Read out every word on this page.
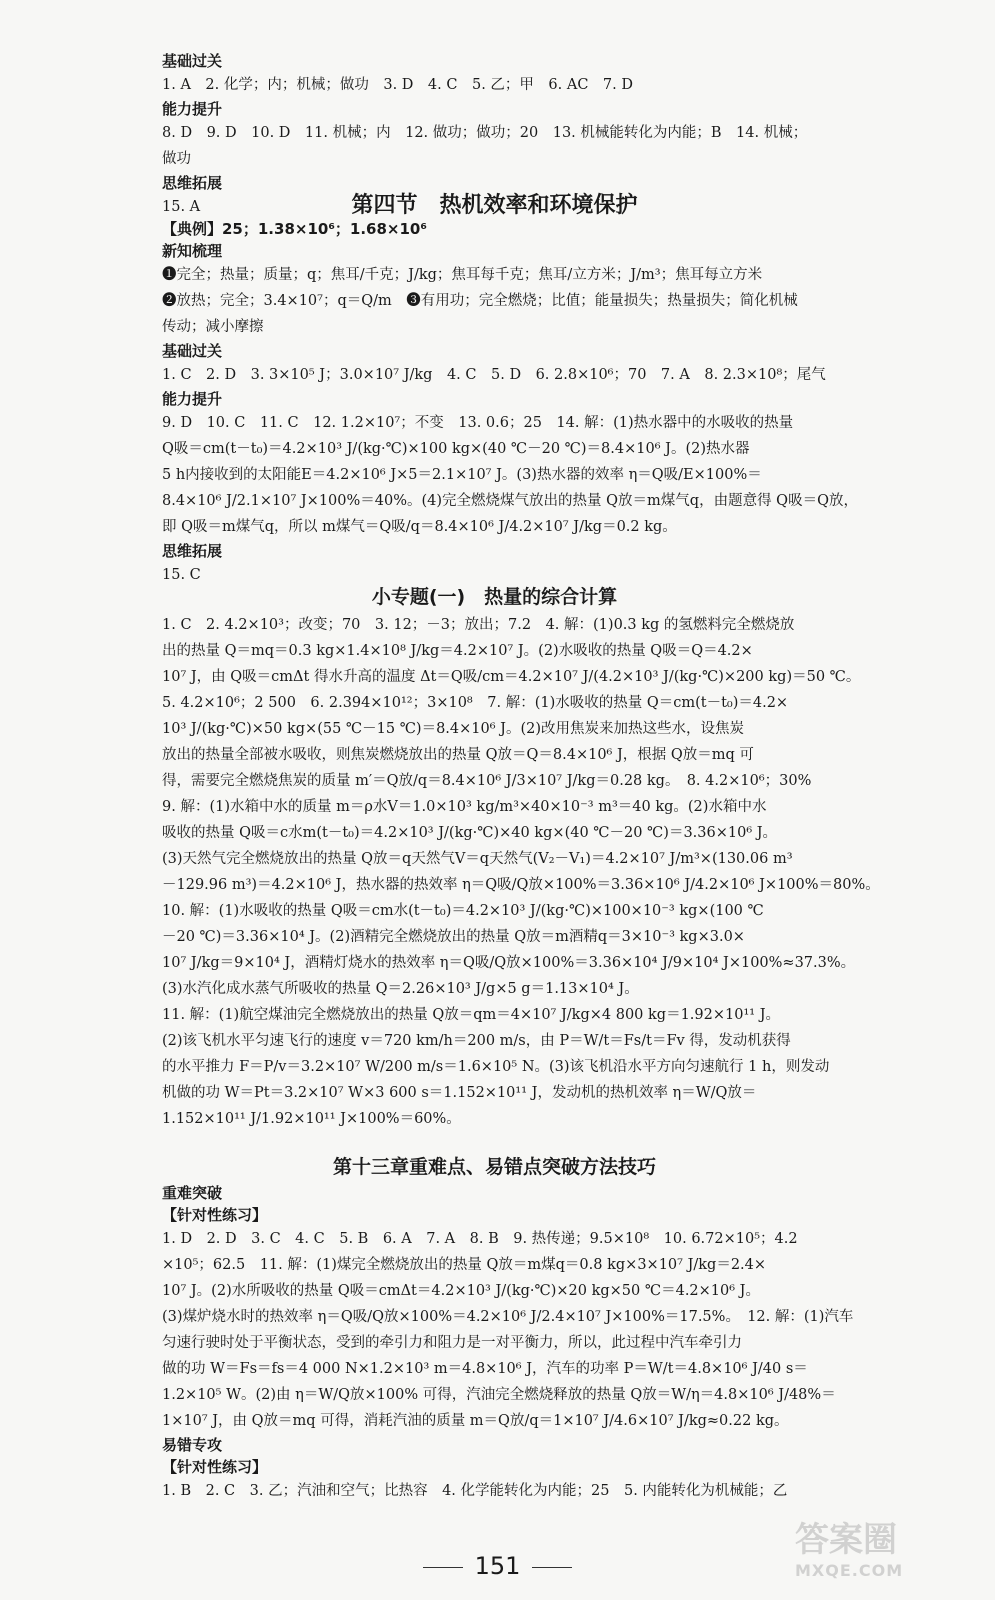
基础过关
1. A　2. 化学；内；机械；做功　3. D　4. C　5. 乙；甲　6. AC　7. D
能力提升
8. D　9. D　10. D　11. 机械；内　12. 做功；做功；20　13. 机械能转化为内能；B　14. 机械；
做功
思维拓展
15. A	第四节　热机效率和环境保护
【典例】25；1.38×10⁶；1.68×10⁶
新知梳理
❶完全；热量；质量；q；焦耳/千克；J/kg；焦耳每千克；焦耳/立方米；J/m³；焦耳每立方米
❷放热；完全；3.4×10⁷；q＝Q/m　❸有用功；完全燃烧；比值；能量损失；热量损失；简化机械
传动；减小摩擦
基础过关
1. C　2. D　3. 3×10⁵ J；3.0×10⁷ J/kg　4. C　5. D　6. 2.8×10⁶；70　7. A　8. 2.3×10⁸；尾气
能力提升
9. D　10. C　11. C　12. 1.2×10⁷；不变　13. 0.6；25　14. 解：(1)热水器中的水吸收的热量
Q吸＝cm(t－t₀)＝4.2×10³ J/(kg·℃)×100 kg×(40 ℃－20 ℃)＝8.4×10⁶ J。(2)热水器
5 h内接收到的太阳能E＝4.2×10⁶ J×5＝2.1×10⁷ J。(3)热水器的效率 η＝Q吸/E×100%＝
8.4×10⁶ J/2.1×10⁷ J×100%＝40%。(4)完全燃烧煤气放出的热量 Q放＝m煤气q，由题意得 Q吸＝Q放，
即 Q吸＝m煤气q，所以 m煤气＝Q吸/q＝8.4×10⁶ J/4.2×10⁷ J/kg＝0.2 kg。
思维拓展
15. C
小专题(一)　热量的综合计算
1. C　2. 4.2×10³；改变；70　3. 12；－3；放出；7.2　4. 解：(1)0.3 kg 的氢燃料完全燃烧放
出的热量 Q＝mq＝0.3 kg×1.4×10⁸ J/kg＝4.2×10⁷ J。(2)水吸收的热量 Q吸＝Q＝4.2×
10⁷ J，由 Q吸＝cmΔt 得水升高的温度 Δt＝Q吸/cm＝4.2×10⁷ J/(4.2×10³ J/(kg·℃)×200 kg)＝50 ℃。
5. 4.2×10⁶；2 500　6. 2.394×10¹²；3×10⁸　7. 解：(1)水吸收的热量 Q＝cm(t－t₀)＝4.2×
10³ J/(kg·℃)×50 kg×(55 ℃－15 ℃)＝8.4×10⁶ J。(2)改用焦炭来加热这些水，设焦炭
放出的热量全部被水吸收，则焦炭燃烧放出的热量 Q放＝Q＝8.4×10⁶ J，根据 Q放＝mq 可
得，需要完全燃烧焦炭的质量 m′＝Q放/q＝8.4×10⁶ J/3×10⁷ J/kg＝0.28 kg。　8. 4.2×10⁶；30%
9. 解：(1)水箱中水的质量 m＝ρ水V＝1.0×10³ kg/m³×40×10⁻³ m³＝40 kg。(2)水箱中水
吸收的热量 Q吸＝c水m(t－t₀)＝4.2×10³ J/(kg·℃)×40 kg×(40 ℃－20 ℃)＝3.36×10⁶ J。
(3)天然气完全燃烧放出的热量 Q放＝q天然气V＝q天然气(V₂－V₁)＝4.2×10⁷ J/m³×(130.06 m³
－129.96 m³)＝4.2×10⁶ J，热水器的热效率 η＝Q吸/Q放×100%＝3.36×10⁶ J/4.2×10⁶ J×100%＝80%。
10. 解：(1)水吸收的热量 Q吸＝cm水(t－t₀)＝4.2×10³ J/(kg·℃)×100×10⁻³ kg×(100 ℃
－20 ℃)＝3.36×10⁴ J。(2)酒精完全燃烧放出的热量 Q放＝m酒精q＝3×10⁻³ kg×3.0×
10⁷ J/kg＝9×10⁴ J，酒精灯烧水的热效率 η＝Q吸/Q放×100%＝3.36×10⁴ J/9×10⁴ J×100%≈37.3%。
(3)水汽化成水蒸气所吸收的热量 Q＝2.26×10³ J/g×5 g＝1.13×10⁴ J。
11. 解：(1)航空煤油完全燃烧放出的热量 Q放＝qm＝4×10⁷ J/kg×4 800 kg＝1.92×10¹¹ J。
(2)该飞机水平匀速飞行的速度 v＝720 km/h＝200 m/s，由 P＝W/t＝Fs/t＝Fv 得，发动机获得
的水平推力 F＝P/v＝3.2×10⁷ W/200 m/s＝1.6×10⁵ N。(3)该飞机沿水平方向匀速航行 1 h，则发动
机做的功 W＝Pt＝3.2×10⁷ W×3 600 s＝1.152×10¹¹ J，发动机的热机效率 η＝W/Q放＝
1.152×10¹¹ J/1.92×10¹¹ J×100%＝60%。
第十三章重难点、易错点突破方法技巧
重难突破
【针对性练习】
1. D　2. D　3. C　4. C　5. B　6. A　7. A　8. B　9. 热传递；9.5×10⁸　10. 6.72×10⁵；4.2
×10⁵；62.5　11. 解：(1)煤完全燃烧放出的热量 Q放＝m煤q＝0.8 kg×3×10⁷ J/kg＝2.4×
10⁷ J。(2)水所吸收的热量 Q吸＝cmΔt＝4.2×10³ J/(kg·℃)×20 kg×50 ℃＝4.2×10⁶ J。
(3)煤炉烧水时的热效率 η＝Q吸/Q放×100%＝4.2×10⁶ J/2.4×10⁷ J×100%＝17.5%。　12. 解：(1)汽车
匀速行驶时处于平衡状态，受到的牵引力和阻力是一对平衡力，所以，此过程中汽车牵引力
做的功 W＝Fs＝fs＝4 000 N×1.2×10³ m＝4.8×10⁶ J，汽车的功率 P＝W/t＝4.8×10⁶ J/40 s＝
1.2×10⁵ W。(2)由 η＝W/Q放×100% 可得，汽油完全燃烧释放的热量 Q放＝W/η＝4.8×10⁶ J/48%＝
1×10⁷ J，由 Q放＝mq 可得，消耗汽油的质量 m＝Q放/q＝1×10⁷ J/4.6×10⁷ J/kg≈0.22 kg。
易错专攻
【针对性练习】
1. B　2. C　3. 乙；汽油和空气；比热容　4. 化学能转化为内能；25　5. 内能转化为机械能；乙
151
答案圈
MXQE.COM
